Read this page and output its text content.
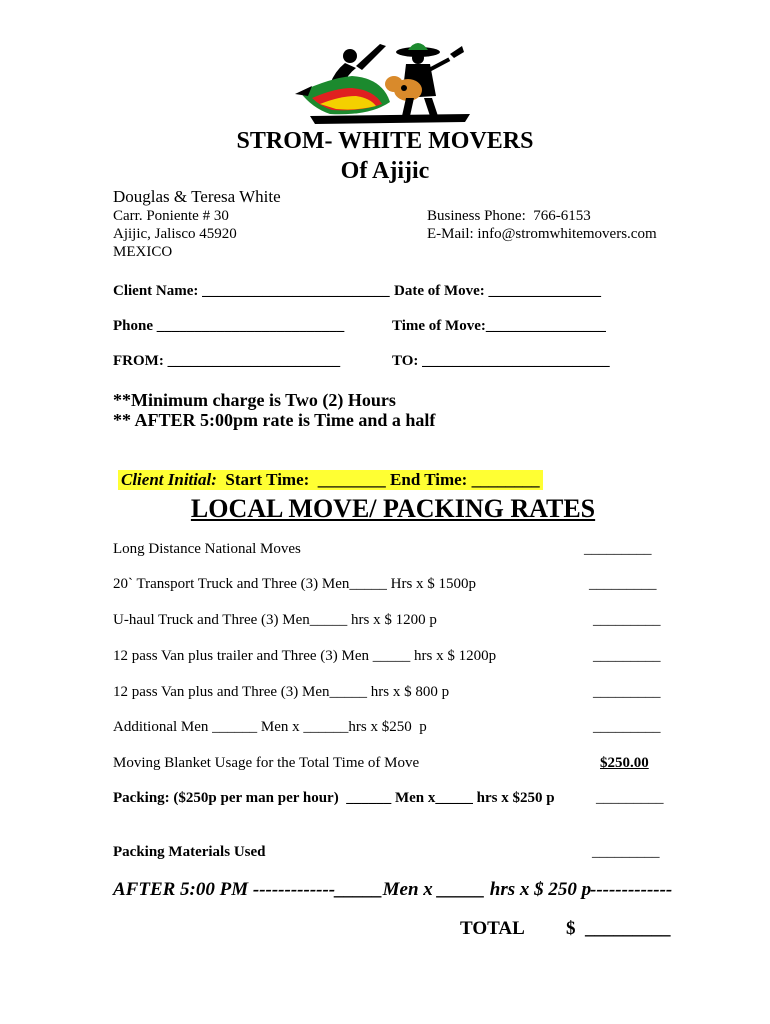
STROM- WHITE MOVERS
Of Ajijic
Douglas & Teresa White
Carr. Poniente # 30
Ajijic, Jalisco 45920
MEXICO
Business Phone:  766-6153
E-Mail: info@stromwhitemovers.com
Client Name: _________________________ Date of Move: _______________
Phone _________________________	Time of Move:________________
FROM: _______________________	TO: _________________________
**Minimum charge is Two (2) Hours
** AFTER 5:00pm rate is Time and a half

Client Initial:  Start Time:  ________ End Time: ________

LOCAL MOVE/ PACKING RATES
Long Distance National Moves	_________
20` Transport Truck and Three (3) Men_____ Hrs x $ 1500p	_________
U-haul Truck and Three (3) Men_____ hrs x $ 1200 p	_________
12 pass Van plus trailer and Three (3) Men _____ hrs x $ 1200p	_________
12 pass Van plus and Three (3) Men_____ hrs x $ 800 p	_________
Additional Men ______ Men x ______hrs x $250  p	_________
Moving Blanket Usage for the Total Time of Move	$250.00
Packing: ($250p per man per hour)  ______ Men x_____ hrs x $250 p	_________
Packing Materials Used	_________
AFTER 5:00 PM -------------_____Men x _____ hrs x $ 250 p
-------------
TOTAL $  _________
